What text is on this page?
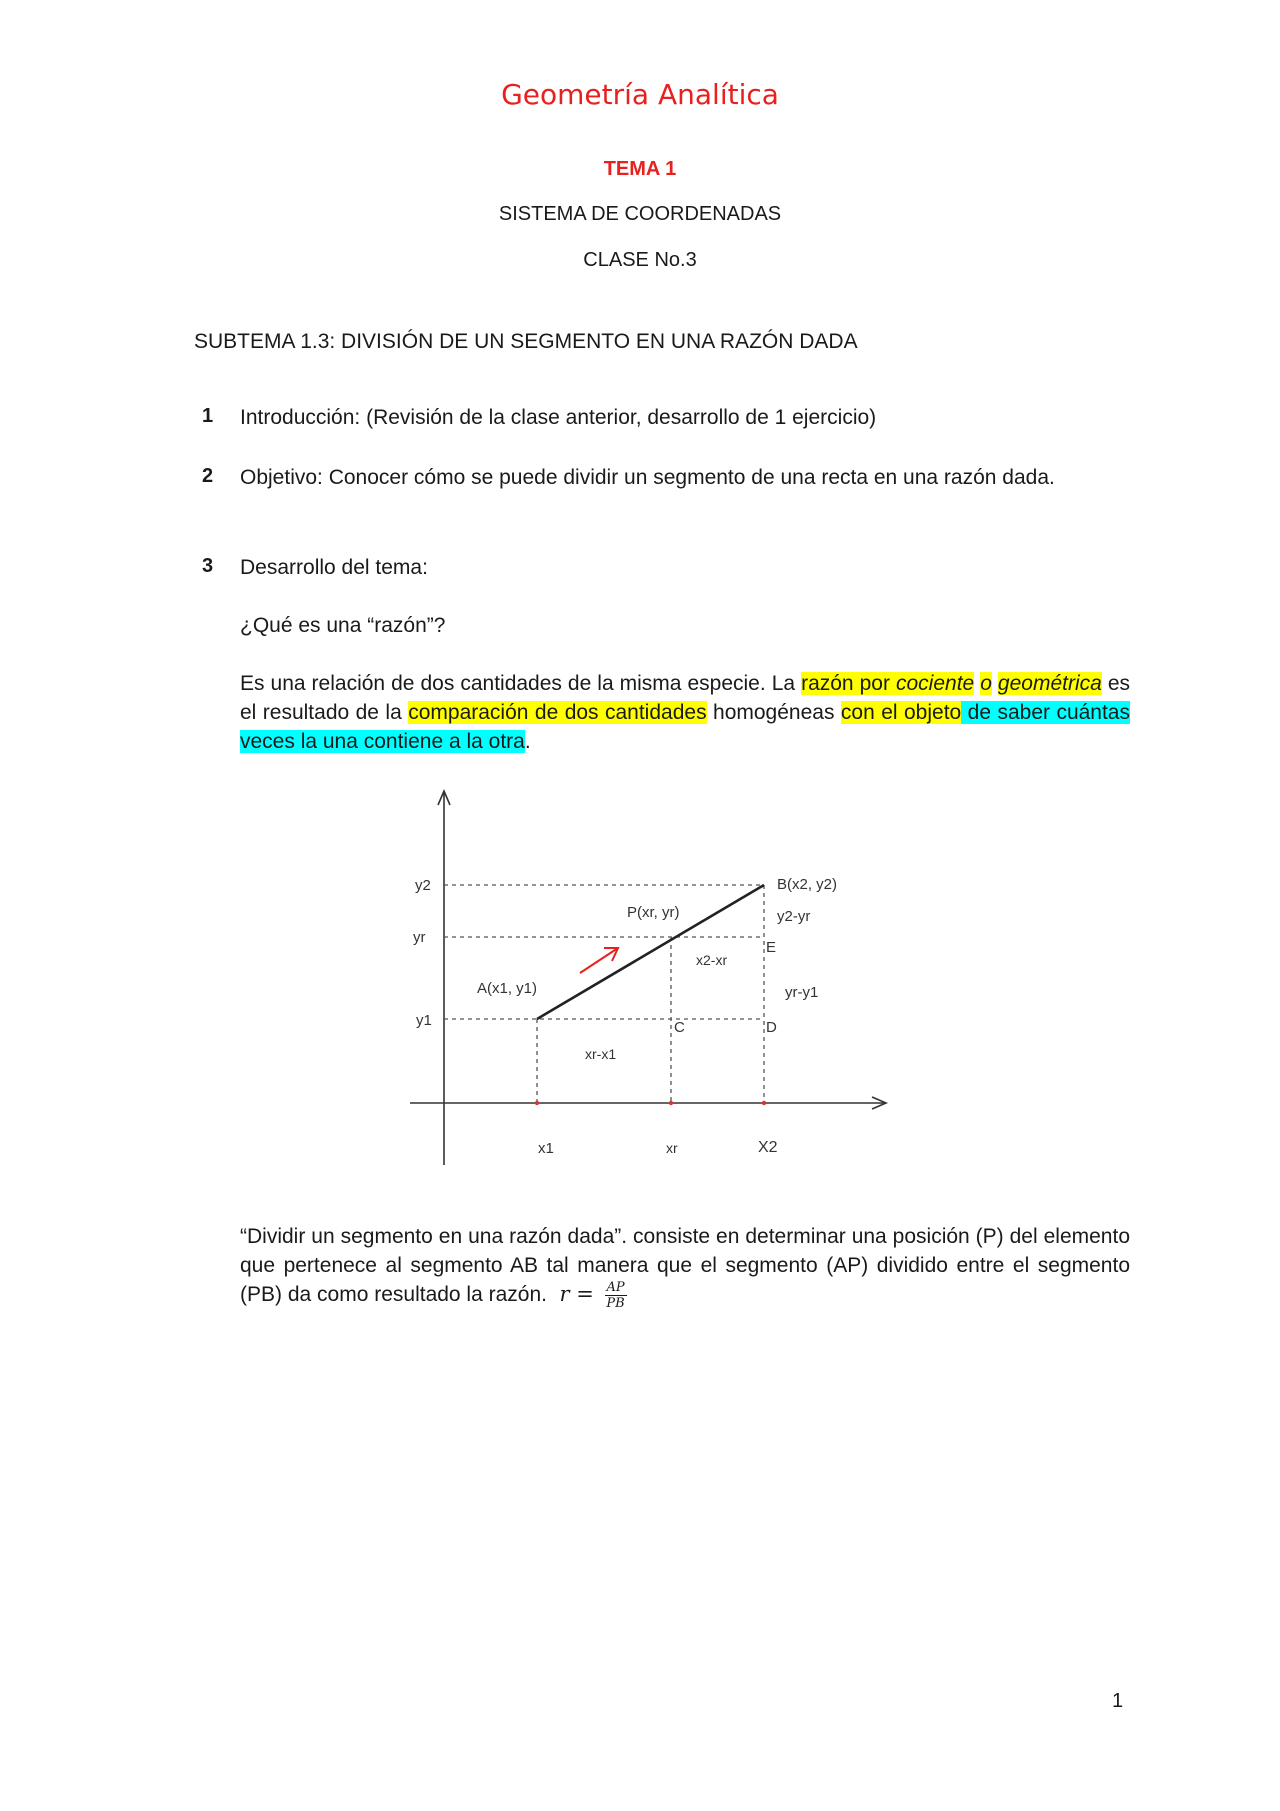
Geometría Analítica
TEMA 1
SISTEMA DE COORDENADAS
CLASE No.3
SUBTEMA 1.3: DIVISIÓN DE UN SEGMENTO EN UNA RAZÓN DADA
1 Introducción: (Revisión de la clase anterior, desarrollo de 1 ejercicio)
2 Objetivo: Conocer cómo se puede dividir un segmento de una recta en una razón dada.
3 Desarrollo del tema:
¿Qué es una “razón”?
Es una relación de dos cantidades de la misma especie. La razón por cociente o geométrica es el resultado de la comparación de dos cantidades homogéneas con el objeto de saber cuántas veces la una contiene a la otra.
y2
yr
y1
x1	xr	X2
A(x1, y1)
P(xr, yr)
B(x2, y2)
C	D
E
y2-yr
x2-xr
yr-y1
xr-x1
“Dividir un segmento en una razón dada”. consiste en determinar una posición (P) del elemento que pertenece al segmento AB tal manera que el segmento (AP) dividido entre el segmento (PB) da como resultado la razón. $r = \frac{AP}{PB}$
1
